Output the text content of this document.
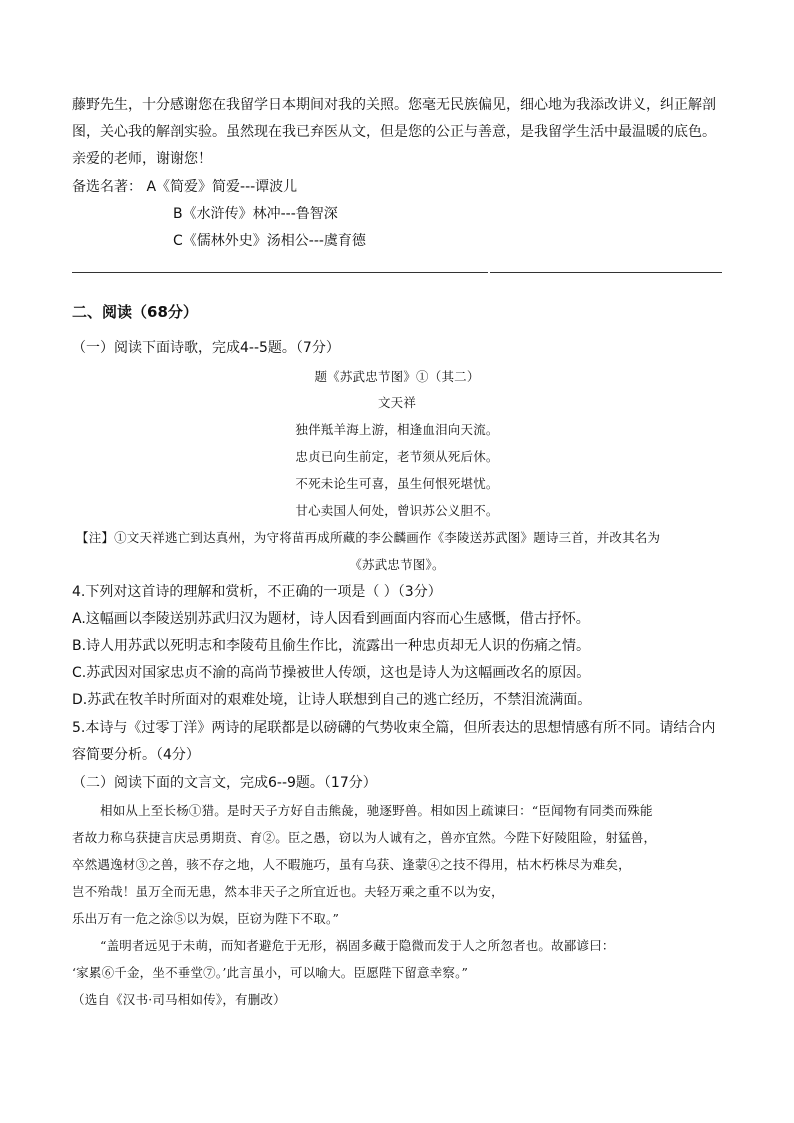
藤野先生，十分感谢您在我留学日本期间对我的关照。您毫无民族偏见，细心地为我添改讲义，纠正解剖
图，关心我的解剖实验。虽然现在我已弃医从文，但是您的公正与善意，是我留学生活中最温暖的底色。
亲爱的老师，谢谢您！
备选名著： A《简爱》简爱---谭波儿
B《水浒传》林冲---鲁智深
C《儒林外史》汤相公---虞育德
二、阅读（68分）
（一）阅读下面诗歌，完成4--5题。（7分）
题《苏武忠节图》①（其二）
文天祥
独伴羝羊海上游，相逢血泪向天流。
忠贞已向生前定，老节须从死后休。
不死未论生可喜，虽生何恨死堪忧。
甘心卖国人何处，曾识苏公义胆不。
【注】①文天祥逃亡到达真州，为守将苗再成所藏的李公麟画作《李陵送苏武图》题诗三首，并改其名为
《苏武忠节图》。
4.下列对这首诗的理解和赏析，不正确的一项是（ ）（3分）
A.这幅画以李陵送别苏武归汉为题材，诗人因看到画面内容而心生感慨，借古抒怀。
B.诗人用苏武以死明志和李陵苟且偷生作比，流露出一种忠贞却无人识的伤痛之情。
C.苏武因对国家忠贞不渝的高尚节操被世人传颂，这也是诗人为这幅画改名的原因。
D.苏武在牧羊时所面对的艰难处境，让诗人联想到自己的逃亡经历，不禁泪流满面。
5.本诗与《过零丁洋》两诗的尾联都是以磅礴的气势收束全篇，但所表达的思想情感有所不同。请结合内
容简要分析。（4分）
（二）阅读下面的文言文，完成6--9题。（17分）
相如从上至长杨①猎。是时天子方好自击熊彘，驰逐野兽。相如因上疏谏曰：“臣闻物有同类而殊能
者故力称乌获捷言庆忌勇期贲、育②。臣之愚，窃以为人诚有之，兽亦宜然。今陛下好陵阻险，射猛兽，
卒然遇逸材③之兽，骇不存之地，人不暇施巧，虽有乌获、逢蒙④之技不得用，枯木朽株尽为难矣，
岂不殆哉！虽万全而无患，然本非天子之所宜近也。夫轻万乘之重不以为安，
乐出万有一危之涂⑤以为娱，臣窃为陛下不取。”
“盖明者远见于未萌，而知者避危于无形，祸固多藏于隐微而发于人之所忽者也。故鄙谚曰：
‘家累⑥千金，坐不垂堂⑦。’此言虽小，可以喻大。臣愿陛下留意幸察。”
（选自《汉书·司马相如传》，有删改）
